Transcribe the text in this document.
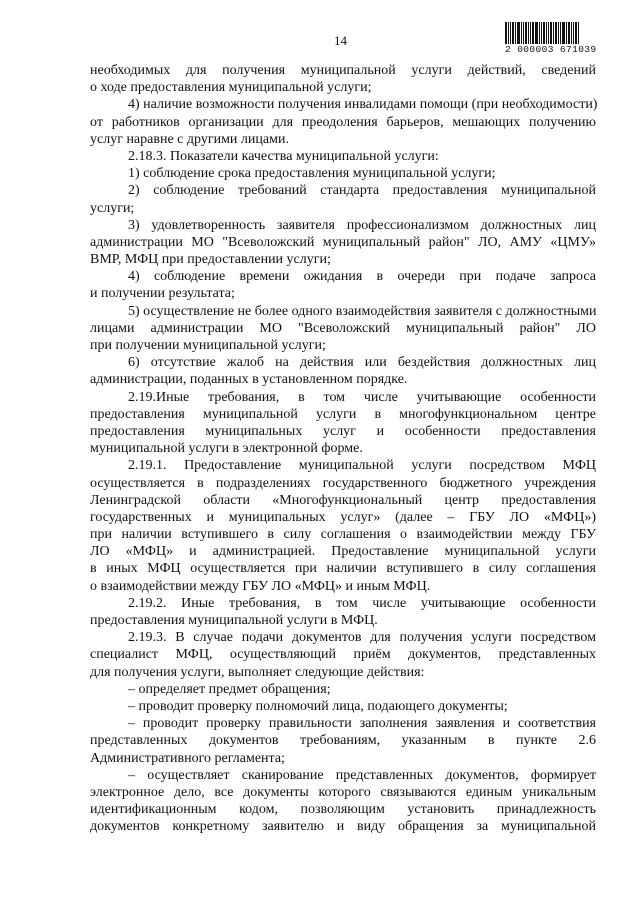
14
2 000003 671039
необходимых для получения муниципальной услуги действий, сведений
о ходе предоставления муниципальной услуги;
4) наличие возможности получения инвалидами помощи (при необходимости)
от работников организации для преодоления барьеров, мешающих получению
услуг наравне с другими лицами.
2.18.3. Показатели качества муниципальной услуги:
1) соблюдение срока предоставления муниципальной услуги;
2) соблюдение требований стандарта предоставления муниципальной
услуги;
3) удовлетворенность заявителя профессионализмом должностных лиц
администрации МО "Всеволожский муниципальный район" ЛО, АМУ «ЦМУ»
ВМР, МФЦ при предоставлении услуги;
4) соблюдение времени ожидания в очереди при подаче запроса
и получении результата;
5) осуществление не более одного взаимодействия заявителя с должностными
лицами администрации МО "Всеволожский муниципальный район" ЛО
при получении муниципальной услуги;
6) отсутствие жалоб на действия или бездействия должностных лиц
администрации, поданных в установленном порядке.
2.19.Иные требования, в том числе учитывающие особенности
предоставления муниципальной услуги в многофункциональном центре
предоставления муниципальных услуг и особенности предоставления
муниципальной услуги в электронной форме.
2.19.1. Предоставление муниципальной услуги посредством МФЦ
осуществляется в подразделениях государственного бюджетного учреждения
Ленинградской области «Многофункциональный центр предоставления
государственных и муниципальных услуг» (далее – ГБУ ЛО «МФЦ»)
при наличии вступившего в силу соглашения о взаимодействии между ГБУ
ЛО «МФЦ» и администрацией. Предоставление муниципальной услуги
в иных МФЦ осуществляется при наличии вступившего в силу соглашения
о взаимодействии между ГБУ ЛО «МФЦ» и иным МФЦ.
2.19.2. Иные требования, в том числе учитывающие особенности
предоставления муниципальной услуги в МФЦ.
2.19.3. В случае подачи документов для получения услуги посредством
специалист МФЦ, осуществляющий приём документов, представленных
для получения услуги, выполняет следующие действия:
– определяет предмет обращения;
– проводит проверку полномочий лица, подающего документы;
– проводит проверку правильности заполнения заявления и соответствия
представленных документов требованиям, указанным в пункте 2.6
Административного регламента;
– осуществляет сканирование представленных документов, формирует
электронное дело, все документы которого связываются единым уникальным
идентификационным кодом, позволяющим установить принадлежность
документов конкретному заявителю и виду обращения за муниципальной
